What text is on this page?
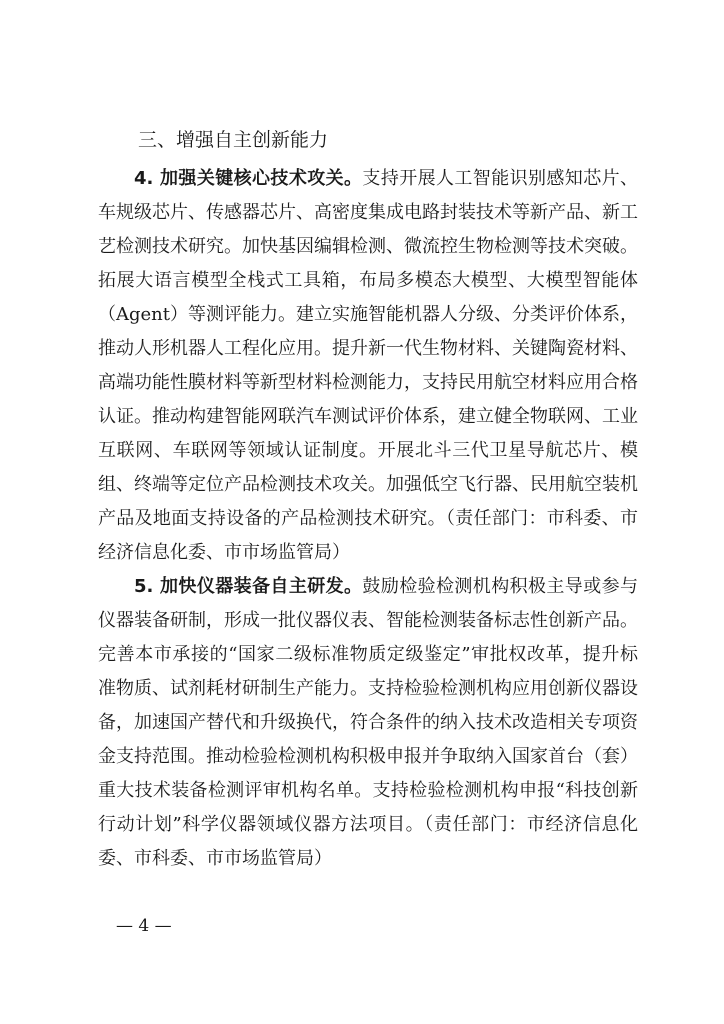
三、增强自主创新能力

4. 加强关键核心技术攻关。支持开展人工智能识别感知芯片、车规级芯片、传感器芯片、高密度集成电路封装技术等新产品、新工艺检测技术研究。加快基因编辑检测、微流控生物检测等技术突破。拓展大语言模型全栈式工具箱，布局多模态大模型、大模型智能体（Agent）等测评能力。建立实施智能机器人分级、分类评价体系，推动人形机器人工程化应用。提升新一代生物材料、关键陶瓷材料、高端功能性膜材料等新型材料检测能力，支持民用航空材料应用合格认证。推动构建智能网联汽车测试评价体系，建立健全物联网、工业互联网、车联网等领域认证制度。开展北斗三代卫星导航芯片、模组、终端等定位产品检测技术攻关。加强低空飞行器、民用航空装机产品及地面支持设备的产品检测技术研究。（责任部门：市科委、市经济信息化委、市市场监管局）

5. 加快仪器装备自主研发。鼓励检验检测机构积极主导或参与仪器装备研制，形成一批仪器仪表、智能检测装备标志性创新产品。完善本市承接的“国家二级标准物质定级鉴定”审批权改革，提升标准物质、试剂耗材研制生产能力。支持检验检测机构应用创新仪器设备，加速国产替代和升级换代，符合条件的纳入技术改造相关专项资金支持范围。推动检验检测机构积极申报并争取纳入国家首台（套）重大技术装备检测评审机构名单。支持检验检测机构申报“科技创新行动计划”科学仪器领域仪器方法项目。（责任部门：市经济信息化委、市科委、市市场监管局）

— 4 —
